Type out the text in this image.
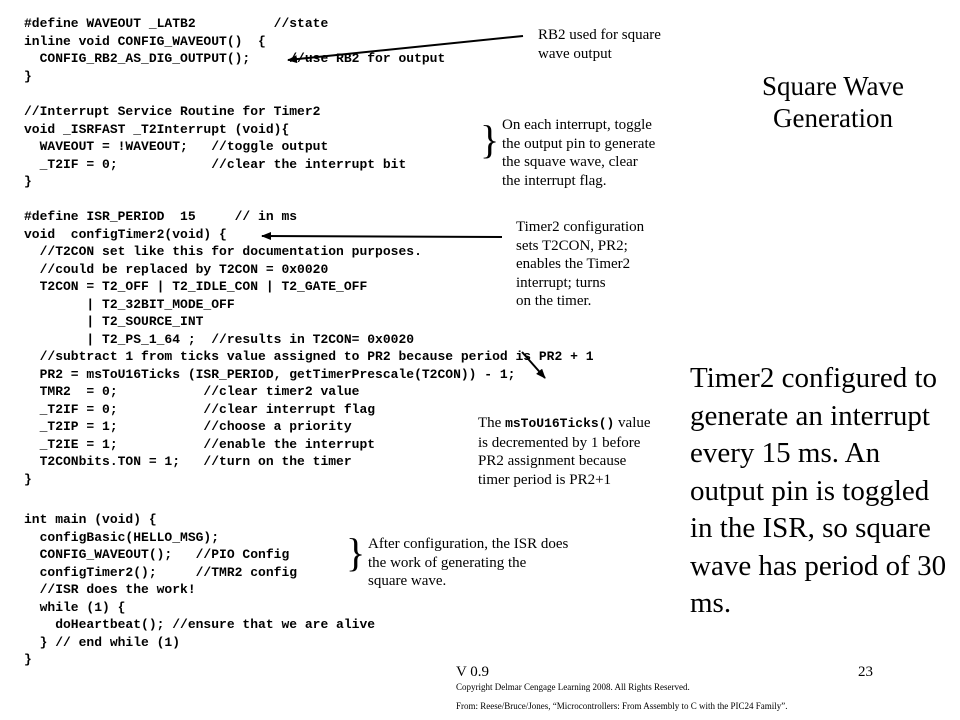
#define WAVEOUT _LATB2          //state
inline void CONFIG_WAVEOUT()  {
CONFIG_RB2_AS_DIG_OUTPUT();     //use RB2 for output
}
//Interrupt Service Routine for Timer2
void _ISRFAST _T2Interrupt (void){
WAVEOUT = !WAVEOUT;   //toggle output
_T2IF = 0;            //clear the interrupt bit
}
#define ISR_PERIOD  15     // in ms
void  configTimer2(void) {
//T2CON set like this for documentation purposes.
//could be replaced by T2CON = 0x0020
T2CON = T2_OFF | T2_IDLE_CON | T2_GATE_OFF
| T2_32BIT_MODE_OFF
| T2_SOURCE_INT
| T2_PS_1_64 ;  //results in T2CON= 0x0020
//subtract 1 from ticks value assigned to PR2 because period is PR2 + 1
PR2 = msToU16Ticks (ISR_PERIOD, getTimerPrescale(T2CON)) - 1;
TMR2  = 0;           //clear timer2 value
_T2IF = 0;           //clear interrupt flag
_T2IP = 1;           //choose a priority
_T2IE = 1;           //enable the interrupt
T2CONbits.TON = 1;   //turn on the timer
}
int main (void) {
configBasic(HELLO_MSG);
CONFIG_WAVEOUT();   //PIO Config
configTimer2();     //TMR2 config
//ISR does the work!
while (1) {
doHeartbeat(); //ensure that we are alive
} // end while (1)
}
Square Wave Generation
RB2 used for square
wave output
} On each interrupt, toggle
the output pin to generate
the squave wave, clear
the interrupt flag.
Timer2 configuration
sets T2CON, PR2;
enables the Timer2
interrupt; turns
on the timer.
The msToU16Ticks() value
is decremented by 1 before
PR2 assignment because
timer period is PR2+1
} After configuration, the ISR does
the work of generating the
square wave.
Timer2 configured to generate an interrupt every 15 ms. An output pin is toggled in the ISR, so square wave has period of 30 ms.
V 0.9	23
Copyright Delmar Cengage Learning 2008. All Rights Reserved.
From: Reese/Bruce/Jones, “Microcontrollers: From Assembly to C with the PIC24 Family”.
